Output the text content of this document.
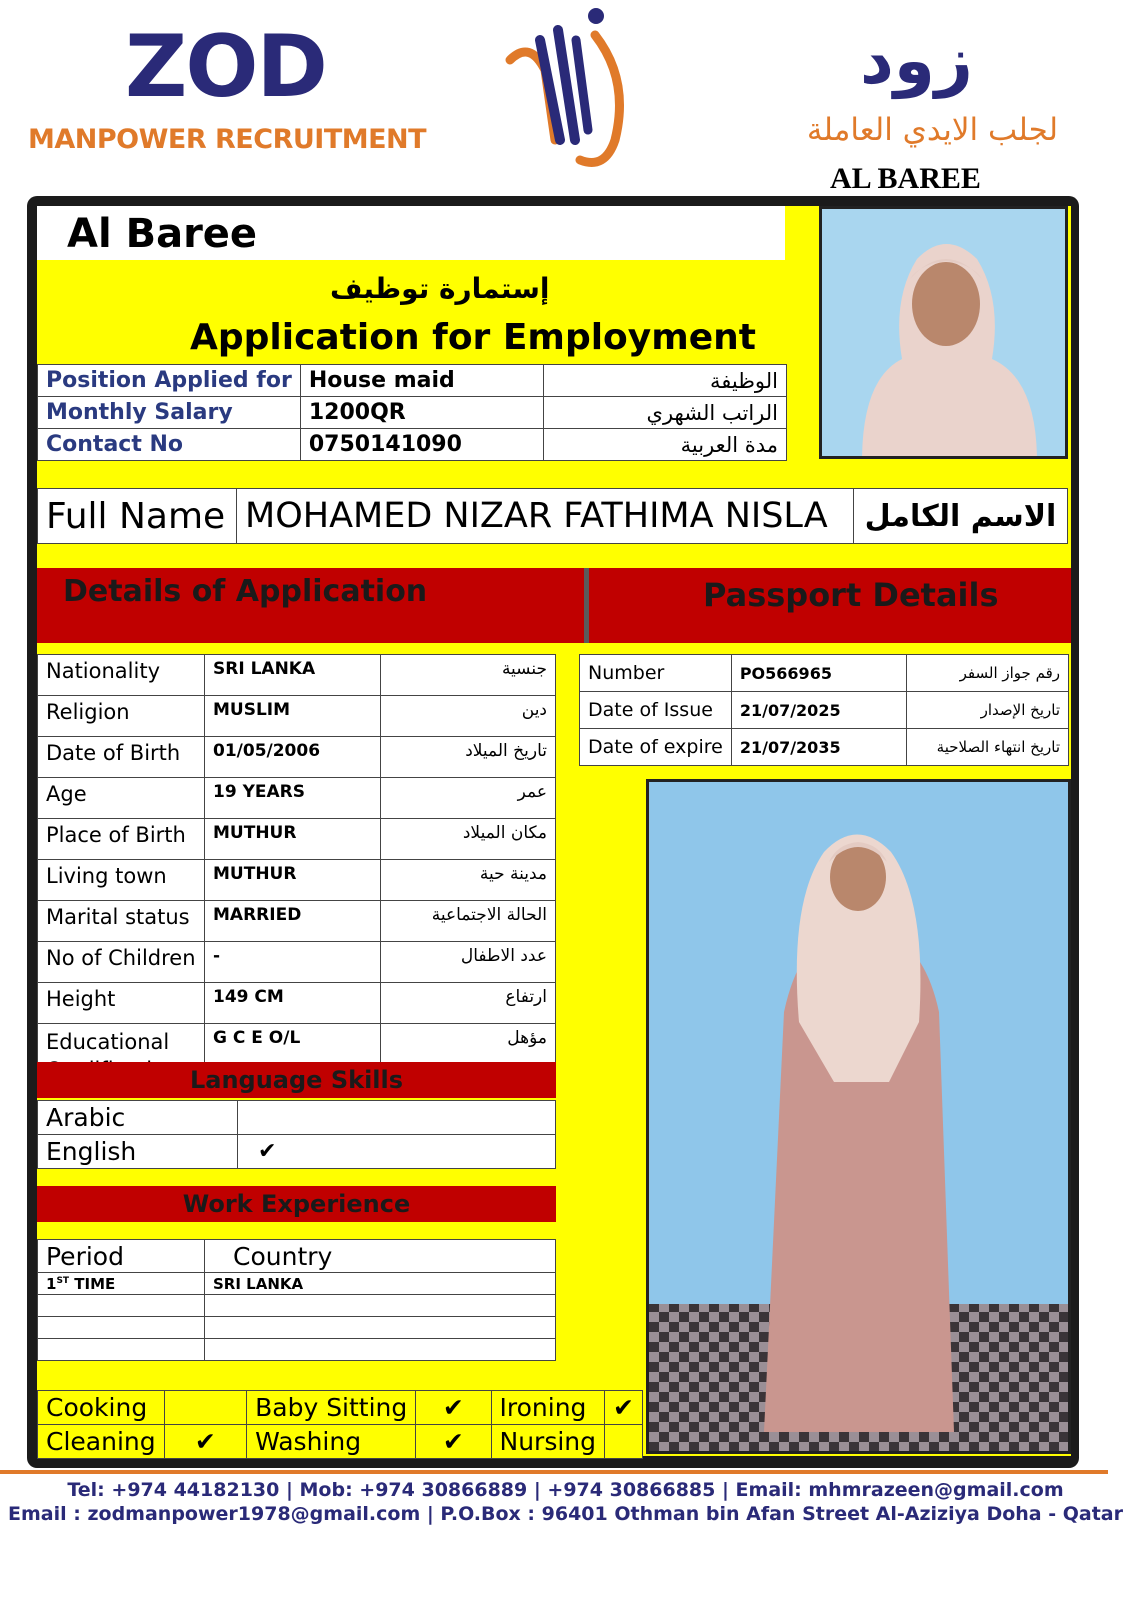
ZOD
MANPOWER RECRUITMENT
زود
لجلب الايدي العاملة
AL BAREE
Al Baree
إستمارة توظيف
Application for Employment
Position Applied for	House maid	الوظيفة
Monthly Salary	1200QR	الراتب الشهري
Contact No	0750141090	مدة العربية
Full Name	MOHAMED NIZAR FATHIMA NISLA	الاسم الكامل
Details of Application	Passport Details
Nationality	SRI LANKA	جنسية
Religion	MUSLIM	دين
Date of Birth	01/05/2006	تاريخ الميلاد
Age	19 YEARS	عمر
Place of Birth	MUTHUR	مكان الميلاد
Living town	MUTHUR	مدينة حية
Marital status	MARRIED	الحالة الاجتماعية
No of Children	-	عدد الاطفال
Height	149 CM	ارتفاع
Educational	G C E O/L	مؤهل
Number	PO566965	رقم جواز السفر
Date of Issue	21/07/2025	تاريخ الإصدار
Date of expire	21/07/2035	تاريخ انتهاء الصلاحية
Language Skills
Arabic	
English	✔
Work Experience
Period	Country
1ST TIME	SRI LANKA

Cooking		Baby Sitting	✔	Ironing	✔
Cleaning	✔	Washing	✔	Nursing	
Tel: +974 44182130 | Mob: +974 30866889 | +974 30866885 | Email: mhmrazeen@gmail.com
Email : zodmanpower1978@gmail.com | P.O.Box : 96401 Othman bin Afan Street Al-Aziziya Doha - Qatar
